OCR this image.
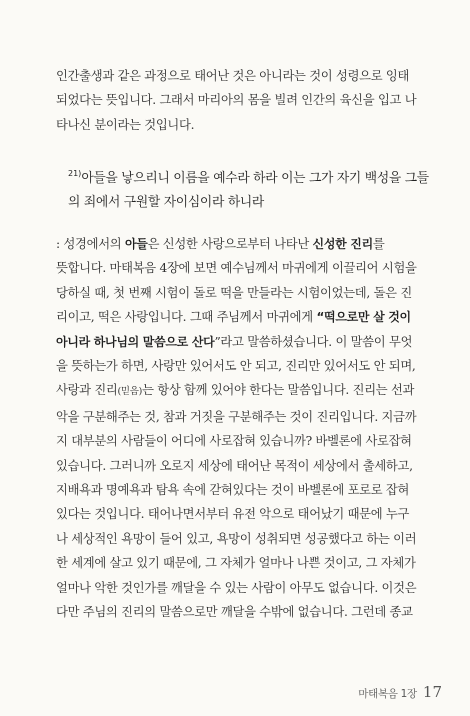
인간출생과 같은 과정으로 태어난 것은 아니라는 것이 성령으로 잉태
되었다는 뜻입니다. 그래서 마리아의 몸을 빌려 인간의 육신을 입고 나
타나신 분이라는 것입니다.
$^{21)}$아들을 낳으리니 이름을 예수라 하라 이는 그가 자기 백성을 그들
의 죄에서 구원할 자이심이라 하니라
: 성경에서의 아들은 신성한 사랑으로부터 나타난 신성한 진리를
뜻합니다. 마태복음 4장에 보면 예수님께서 마귀에게 이끌리어 시험을
당하실 때, 첫 번째 시험이 돌로 떡을 만들라는 시험이었는데, 돌은 진
리이고, 떡은 사랑입니다. 그때 주님께서 마귀에게 “떡으로만 살 것이
아니라 하나님의 말씀으로 산다”라고 말씀하셨습니다. 이 말씀이 무엇
을 뜻하는가 하면, 사랑만 있어서도 안 되고, 진리만 있어서도 안 되며,
사랑과 진리(믿음)는 항상 함께 있어야 한다는 말씀입니다. 진리는 선과
악을 구분해주는 것, 참과 거짓을 구분해주는 것이 진리입니다. 지금까
지 대부분의 사람들이 어디에 사로잡혀 있습니까? 바벨론에 사로잡혀
있습니다. 그러니까 오로지 세상에 태어난 목적이 세상에서 출세하고,
지배욕과 명예욕과 탐욕 속에 갇혀있다는 것이 바벨론에 포로로 잡혀
있다는 것입니다. 태어나면서부터 유전 악으로 태어났기 때문에 누구
나 세상적인 욕망이 들어 있고, 욕망이 성취되면 성공했다고 하는 이러
한 세계에 살고 있기 때문에, 그 자체가 얼마나 나쁜 것이고, 그 자체가
얼마나 악한 것인가를 깨달을 수 있는 사람이 아무도 없습니다. 이것은
다만 주님의 진리의 말씀으로만 깨달을 수밖에 없습니다. 그런데 종교
마태복음 1장 17
